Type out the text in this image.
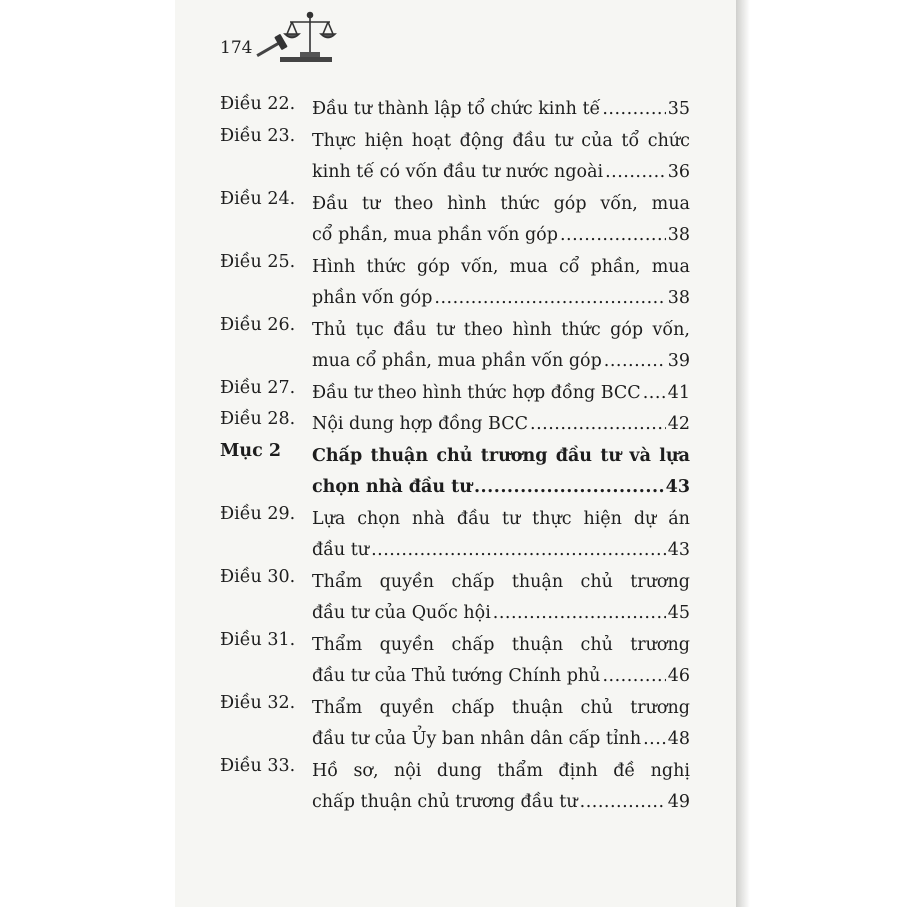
174
Điều 22. Đầu tư thành lập tổ chức kinh tế .....	35
Điều 23. Thực hiện hoạt động đầu tư của tổ chức
kinh tế có vốn đầu tư nước ngoài .....	36
Điều 24. Đầu tư theo hình thức góp vốn, mua
cổ phần, mua phần vốn góp .....	38
Điều 25. Hình thức góp vốn, mua cổ phần, mua
phần vốn góp .....	38
Điều 26. Thủ tục đầu tư theo hình thức góp vốn,
mua cổ phần, mua phần vốn góp .....	39
Điều 27. Đầu tư theo hình thức hợp đồng BCC ..... 41
Điều 28. Nội dung hợp đồng BCC .....	42
Mục 2	Chấp thuận chủ trương đầu tư và lựa
chọn nhà đầu tư .....	43
Điều 29. Lựa chọn nhà đầu tư thực hiện dự án
đầu tư .....	43
Điều 30. Thẩm quyền chấp thuận chủ trương
đầu tư của Quốc hội .....	45
Điều 31. Thẩm quyền chấp thuận chủ trương
đầu tư của Thủ tướng Chính phủ .....	46
Điều 32. Thẩm quyền chấp thuận chủ trương
đầu tư của Ủy ban nhân dân cấp tỉnh ..... 48
Điều 33. Hồ sơ, nội dung thẩm định đề nghị
chấp thuận chủ trương đầu tư .....	49
